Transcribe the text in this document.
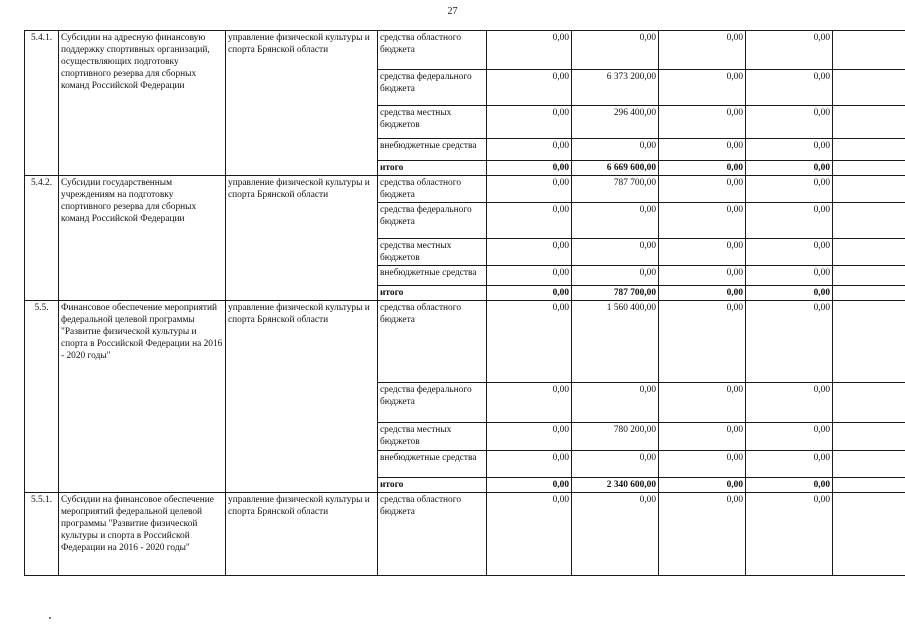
27
5.4.1.	Субсидии на адресную финансовую поддержку спортивных организаций, осуществляющих подготовку спортивного резерва для сборных команд Российской Федерации	управление физической культуры и спорта Брянской области	средства областного бюджета	0,00	0,00	0,00	0,00	
			средства федерального бюджета	0,00	6 373 200,00	0,00	0,00	
			средства местных бюджетов	0,00	296 400,00	0,00	0,00	
			внебюджетные средства	0,00	0,00	0,00	0,00	
			итого	0,00	6 669 600,00	0,00	0,00	
5.4.2.	Субсидии государственным учреждениям на подготовку спортивного резерва для сборных команд Российской Федерации	управление физической культуры и спорта Брянской области	средства областного бюджета	0,00	787 700,00	0,00	0,00	
			средства федерального бюджета	0,00	0,00	0,00	0,00	
			средства местных бюджетов	0,00	0,00	0,00	0,00	
			внебюджетные средства	0,00	0,00	0,00	0,00	
			итого	0,00	787 700,00	0,00	0,00	
5.5.	Финансовое обеспечение мероприятий федеральной целевой программы "Развитие физической культуры и спорта в Российской Федерации на 2016 - 2020 годы"	управление физической культуры и спорта Брянской области	средства областного бюджета	0,00	1 560 400,00	0,00	0,00	
			средства федерального бюджета	0,00	0,00	0,00	0,00	
			средства местных бюджетов	0,00	780 200,00	0,00	0,00	
			внебюджетные средства	0,00	0,00	0,00	0,00	
			итого	0,00	2 340 600,00	0,00	0,00	
5.5.1.	Субсидии на финансовое обеспечение мероприятий федеральной целевой программы "Развитие физической культуры и спорта в Российской Федерации на 2016 - 2020 годы"	управление физической культуры и спорта Брянской области	средства областного бюджета	0,00	0,00	0,00	0,00	
